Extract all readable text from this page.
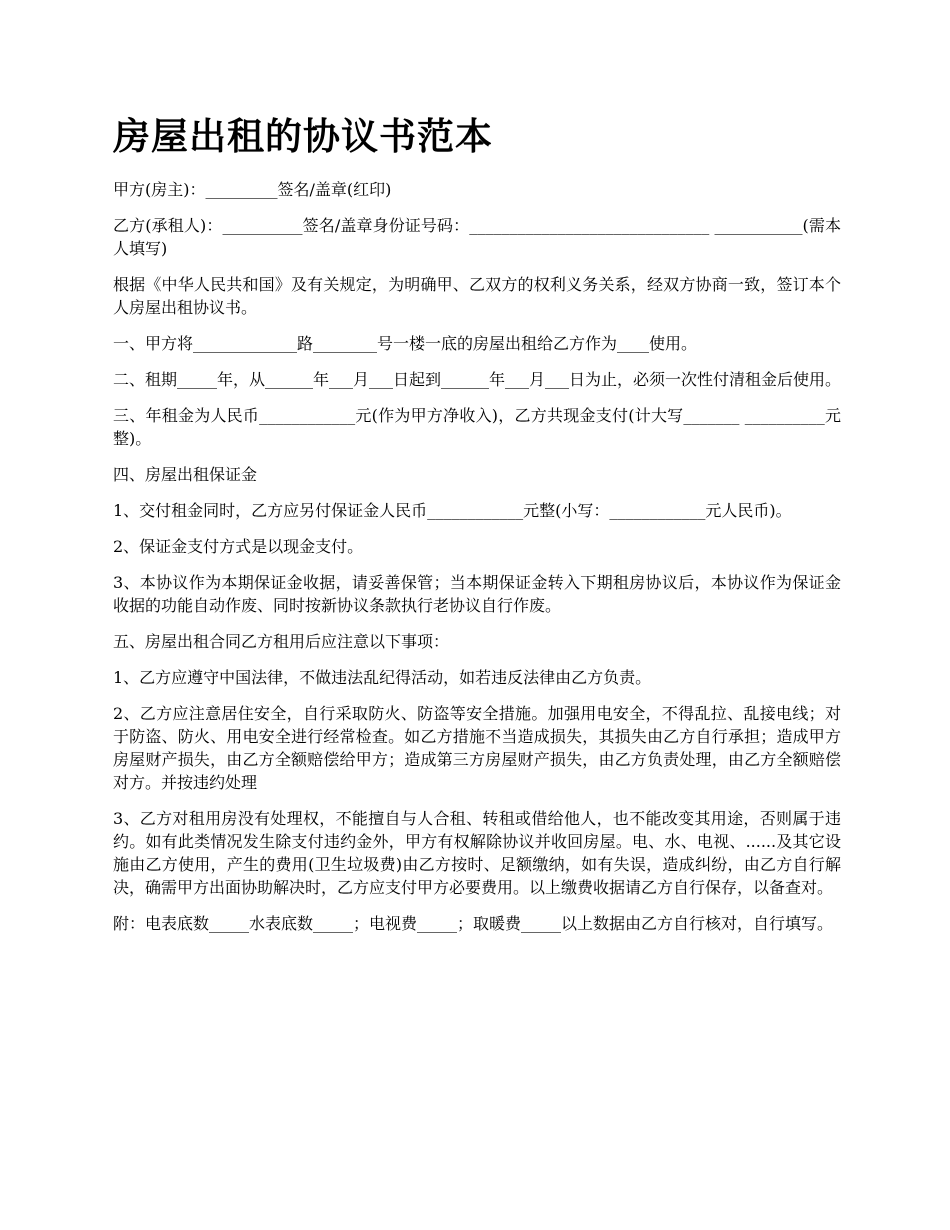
房屋出租的协议书范本

甲方(房主)：_________签名/盖章(红印)

乙方(承租人)：__________签名/盖章身份证号码：______________________________ ___________(需本人填写)

根据《中华人民共和国》及有关规定，为明确甲、乙双方的权利义务关系，经双方协商一致，签订本个人房屋出租协议书。

一、甲方将_____________路________号一楼一底的房屋出租给乙方作为____使用。

二、租期_____年，从______年___月___日起到______年___月___日为止，必须一次性付清租金后使用。

三、年租金为人民币____________元(作为甲方净收入)，乙方共现金支付(计大写_______ __________元整)。

四、房屋出租保证金

1、交付租金同时，乙方应另付保证金人民币____________元整(小写：____________元人民币)。

2、保证金支付方式是以现金支付。

3、本协议作为本期保证金收据，请妥善保管；当本期保证金转入下期租房协议后，本协议作为保证金收据的功能自动作废、同时按新协议条款执行老协议自行作废。

五、房屋出租合同乙方租用后应注意以下事项：

1、乙方应遵守中国法律，不做违法乱纪得活动，如若违反法律由乙方负责。

2、乙方应注意居住安全，自行采取防火、防盗等安全措施。加强用电安全，不得乱拉、乱接电线；对于防盗、防火、用电安全进行经常检查。如乙方措施不当造成损失，其损失由乙方自行承担；造成甲方房屋财产损失，由乙方全额赔偿给甲方；造成第三方房屋财产损失，由乙方负责处理，由乙方全额赔偿对方。并按违约处理

3、乙方对租用房没有处理权，不能擅自与人合租、转租或借给他人，也不能改变其用途，否则属于违约。如有此类情况发生除支付违约金外，甲方有权解除协议并收回房屋。电、水、电视、......及其它设施由乙方使用，产生的费用(卫生垃圾费)由乙方按时、足额缴纳，如有失误，造成纠纷，由乙方自行解决，确需甲方出面协助解决时，乙方应支付甲方必要费用。以上缴费收据请乙方自行保存，以备查对。

附：电表底数_____水表底数_____；电视费_____；取暖费_____以上数据由乙方自行核对，自行填写。
